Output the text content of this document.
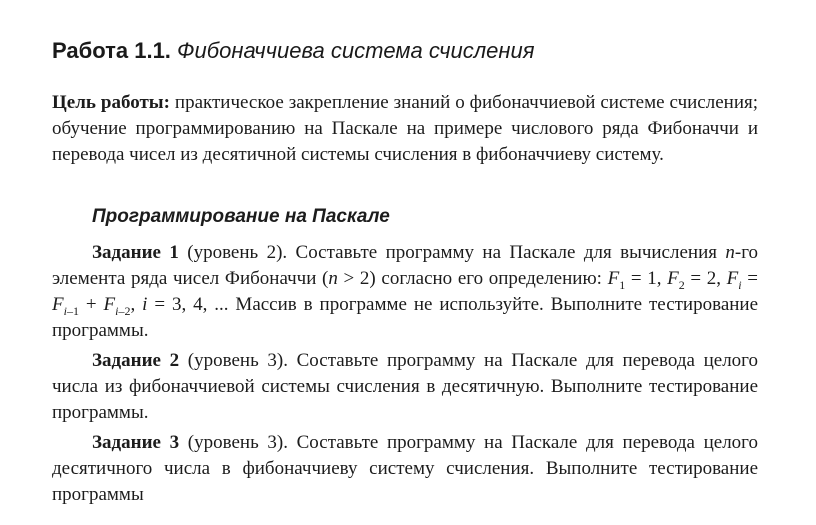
Работа 1.1. Фибоначчиева система счисления
Цель работы: практическое закрепление знаний о фибоначчиевой системе счисления; обучение программированию на Паскале на примере числового ряда Фибоначчи и перевода чисел из десятичной системы счисления в фибоначчиеву систему.
Программирование на Паскале
Задание 1 (уровень 2). Составьте программу на Паскале для вычисления n-го элемента ряда чисел Фибоначчи (n > 2) согласно его определению: $F_1 = 1$, $F_2 = 2$, $F_i = F_{i-1} + F_{i-2}$, i = 3, 4, ... Массив в программе не используйте. Выполните тестирование программы.
Задание 2 (уровень 3). Составьте программу на Паскале для перевода целого числа из фибоначчиевой системы счисления в десятичную. Выполните тестирование программы.
Задание 3 (уровень 3). Составьте программу на Паскале для перевода целого десятичного числа в фибоначчиеву систему счисления. Выполните тестирование программы
